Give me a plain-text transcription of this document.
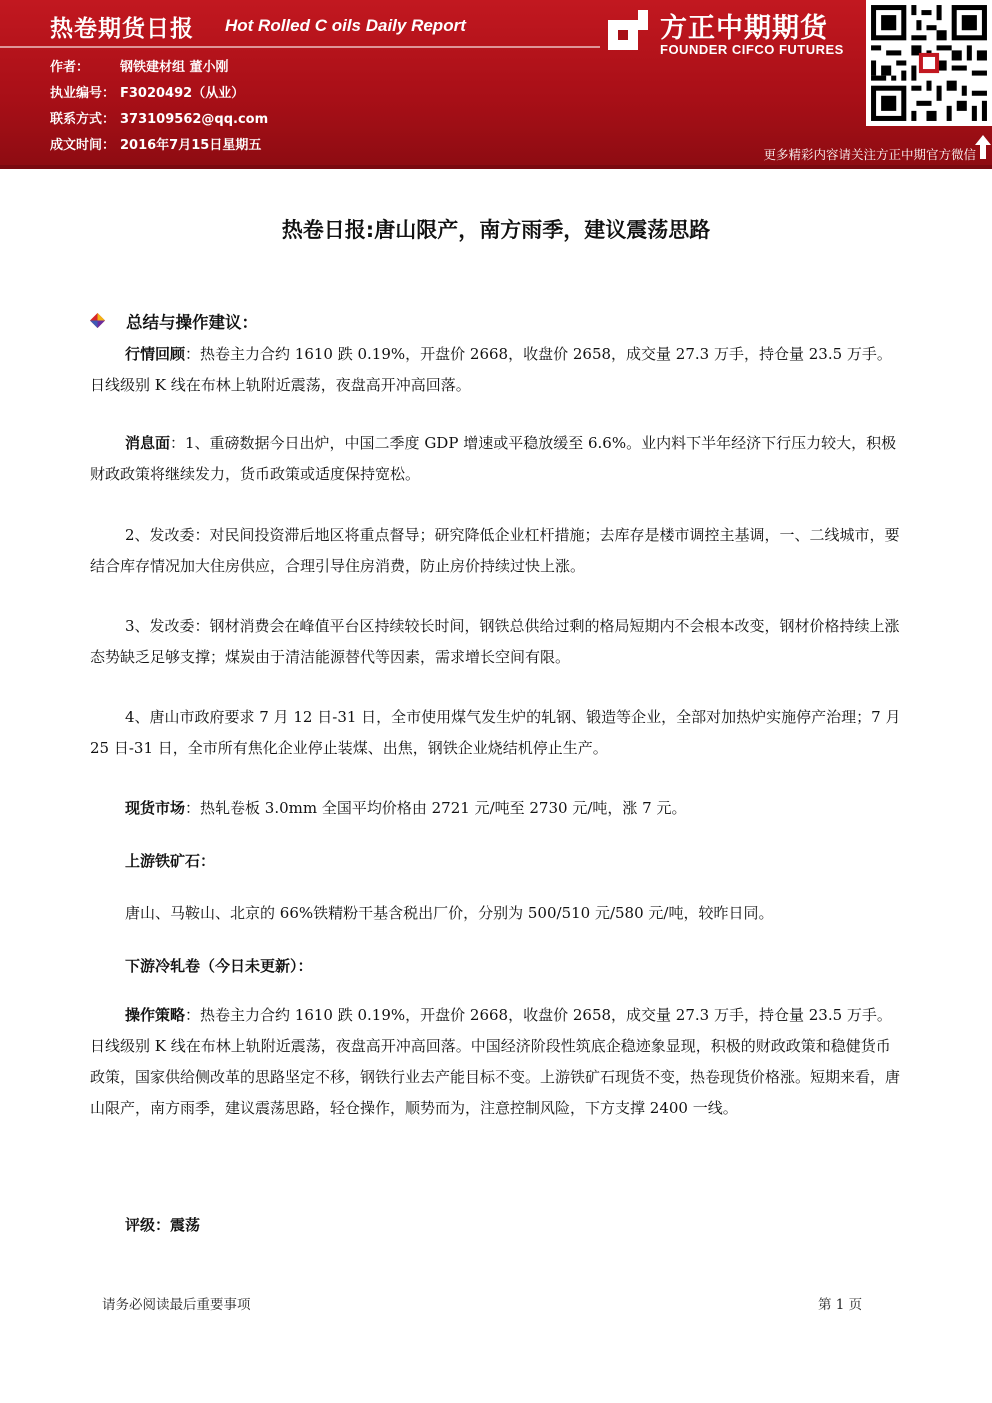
热卷期货日报 Hot Rolled C oils Daily Report
作者： 钢铁建材组 董小刚
执业编号： F3020492（从业）
联系方式： 373109562@qq.com
成文时间： 2016年7月15日星期五
方正中期期货
FOUNDER CIFCO FUTURES
更多精彩内容请关注方正中期官方微信
热卷日报:唐山限产，南方雨季，建议震荡思路
总结与操作建议：
行情回顾：热卷主力合约 1610 跌 0.19%，开盘价 2668，收盘价 2658，成交量 27.3 万手，持仓量 23.5 万手。日线级别 K 线在布林上轨附近震荡，夜盘高开冲高回落。
消息面：1、重磅数据今日出炉，中国二季度 GDP 增速或平稳放缓至 6.6%。业内料下半年经济下行压力较大，积极财政政策将继续发力，货币政策或适度保持宽松。
2、发改委：对民间投资滞后地区将重点督导；研究降低企业杠杆措施；去库存是楼市调控主基调，一、二线城市，要结合库存情况加大住房供应，合理引导住房消费，防止房价持续过快上涨。
3、发改委：钢材消费会在峰值平台区持续较长时间，钢铁总供给过剩的格局短期内不会根本改变，钢材价格持续上涨态势缺乏足够支撑；煤炭由于清洁能源替代等因素，需求增长空间有限。
4、唐山市政府要求 7 月 12 日-31 日，全市使用煤气发生炉的轧钢、锻造等企业，全部对加热炉实施停产治理；7 月 25 日-31 日，全市所有焦化企业停止装煤、出焦，钢铁企业烧结机停止生产。
现货市场：热轧卷板 3.0mm 全国平均价格由 2721 元/吨至 2730 元/吨，涨 7 元。
上游铁矿石：
唐山、马鞍山、北京的 66%铁精粉干基含税出厂价，分别为 500/510 元/580 元/吨，较昨日同。
下游冷轧卷（今日未更新）：
操作策略：热卷主力合约 1610 跌 0.19%，开盘价 2668，收盘价 2658，成交量 27.3 万手，持仓量 23.5 万手。日线级别 K 线在布林上轨附近震荡，夜盘高开冲高回落。中国经济阶段性筑底企稳迹象显现，积极的财政政策和稳健货币政策，国家供给侧改革的思路坚定不移，钢铁行业去产能目标不变。上游铁矿石现货不变，热卷现货价格涨。短期来看，唐山限产，南方雨季，建议震荡思路，轻仓操作，顺势而为，注意控制风险，下方支撑 2400 一线。
评级：震荡
请务必阅读最后重要事项	第 1 页
